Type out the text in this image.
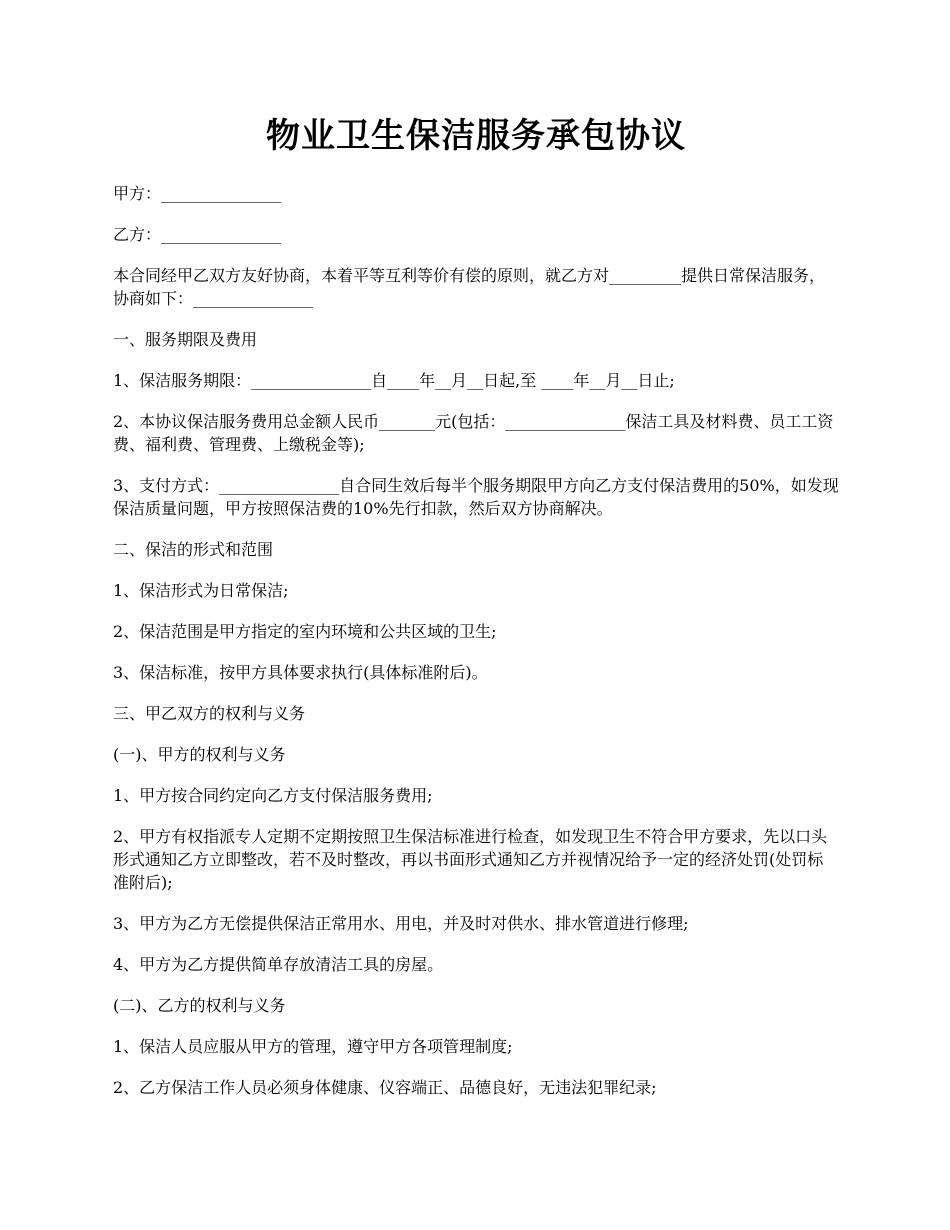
物业卫生保洁服务承包协议

甲方：_______________

乙方：_______________

本合同经甲乙双方友好协商，本着平等互利等价有偿的原则，就乙方对_________提供日常保洁服务，协商如下：_______________

一、服务期限及费用

1、保洁服务期限：_______________自____年__月__日起,至 ____年__月__日止;

2、本协议保洁服务费用总金额人民币_______元(包括：_______________保洁工具及材料费、员工工资费、福利费、管理费、上缴税金等);

3、支付方式：_______________自合同生效后每半个服务期限甲方向乙方支付保洁费用的50%，如发现保洁质量问题，甲方按照保洁费的10%先行扣款，然后双方协商解决。

二、保洁的形式和范围

1、保洁形式为日常保洁;

2、保洁范围是甲方指定的室内环境和公共区域的卫生;

3、保洁标准，按甲方具体要求执行(具体标准附后)。

三、甲乙双方的权利与义务

(一)、甲方的权利与义务

1、甲方按合同约定向乙方支付保洁服务费用;

2、甲方有权指派专人定期不定期按照卫生保洁标准进行检查，如发现卫生不符合甲方要求，先以口头形式通知乙方立即整改，若不及时整改，再以书面形式通知乙方并视情况给予一定的经济处罚(处罚标准附后);

3、甲方为乙方无偿提供保洁正常用水、用电，并及时对供水、排水管道进行修理;

4、甲方为乙方提供简单存放清洁工具的房屋。

(二)、乙方的权利与义务

1、保洁人员应服从甲方的管理，遵守甲方各项管理制度;

2、乙方保洁工作人员必须身体健康、仪容端正、品德良好，无违法犯罪纪录;
